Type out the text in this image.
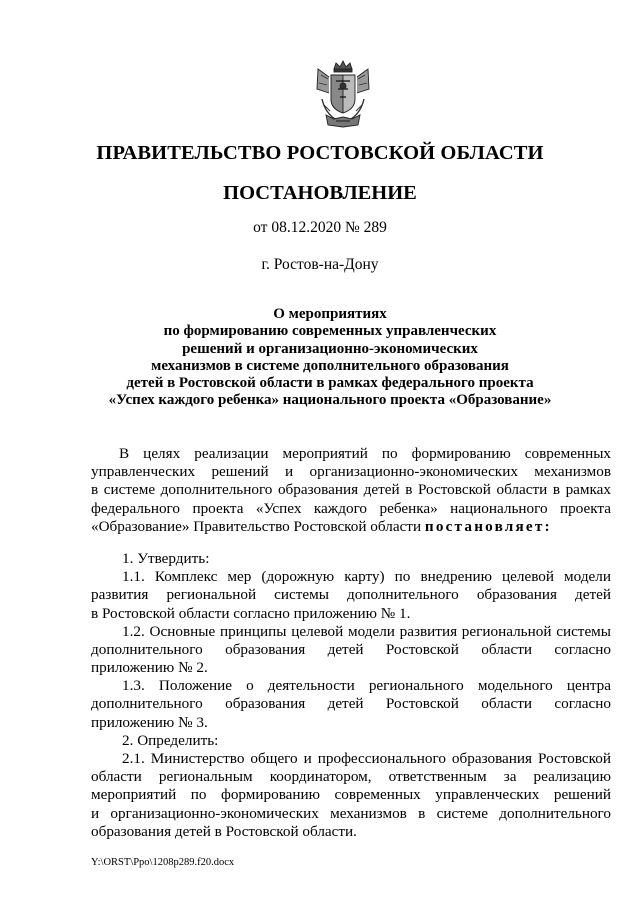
ПРАВИТЕЛЬСТВО РОСТОВСКОЙ ОБЛАСТИ
ПОСТАНОВЛЕНИЕ
от 08.12.2020 № 289
г. Ростов-на-Дону
О мероприятиях
по формированию современных управленческих
решений и организационно-экономических
механизмов в системе дополнительного образования
детей в Ростовской области в рамках федерального проекта
«Успех каждого ребенка» национального проекта «Образование»
В целях реализации мероприятий по формированию современных
управленческих решений и организационно-экономических механизмов
в системе дополнительного образования детей в Ростовской области в рамках
федерального проекта «Успех каждого ребенка» национального проекта
«Образование» Правительство Ростовской области постановляет:
1. Утвердить:
1.1. Комплекс мер (дорожную карту) по внедрению целевой модели
развития региональной системы дополнительного образования детей
в Ростовской области согласно приложению № 1.
1.2. Основные принципы целевой модели развития региональной системы
дополнительного образования детей Ростовской области согласно
приложению № 2.
1.3. Положение о деятельности регионального модельного центра
дополнительного образования детей Ростовской области согласно
приложению № 3.
2. Определить:
2.1. Министерство общего и профессионального образования Ростовской
области региональным координатором, ответственным за реализацию
мероприятий по формированию современных управленческих решений
и организационно-экономических механизмов в системе дополнительного
образования детей в Ростовской области.
Y:\ORST\Ppo\1208p289.f20.docx
